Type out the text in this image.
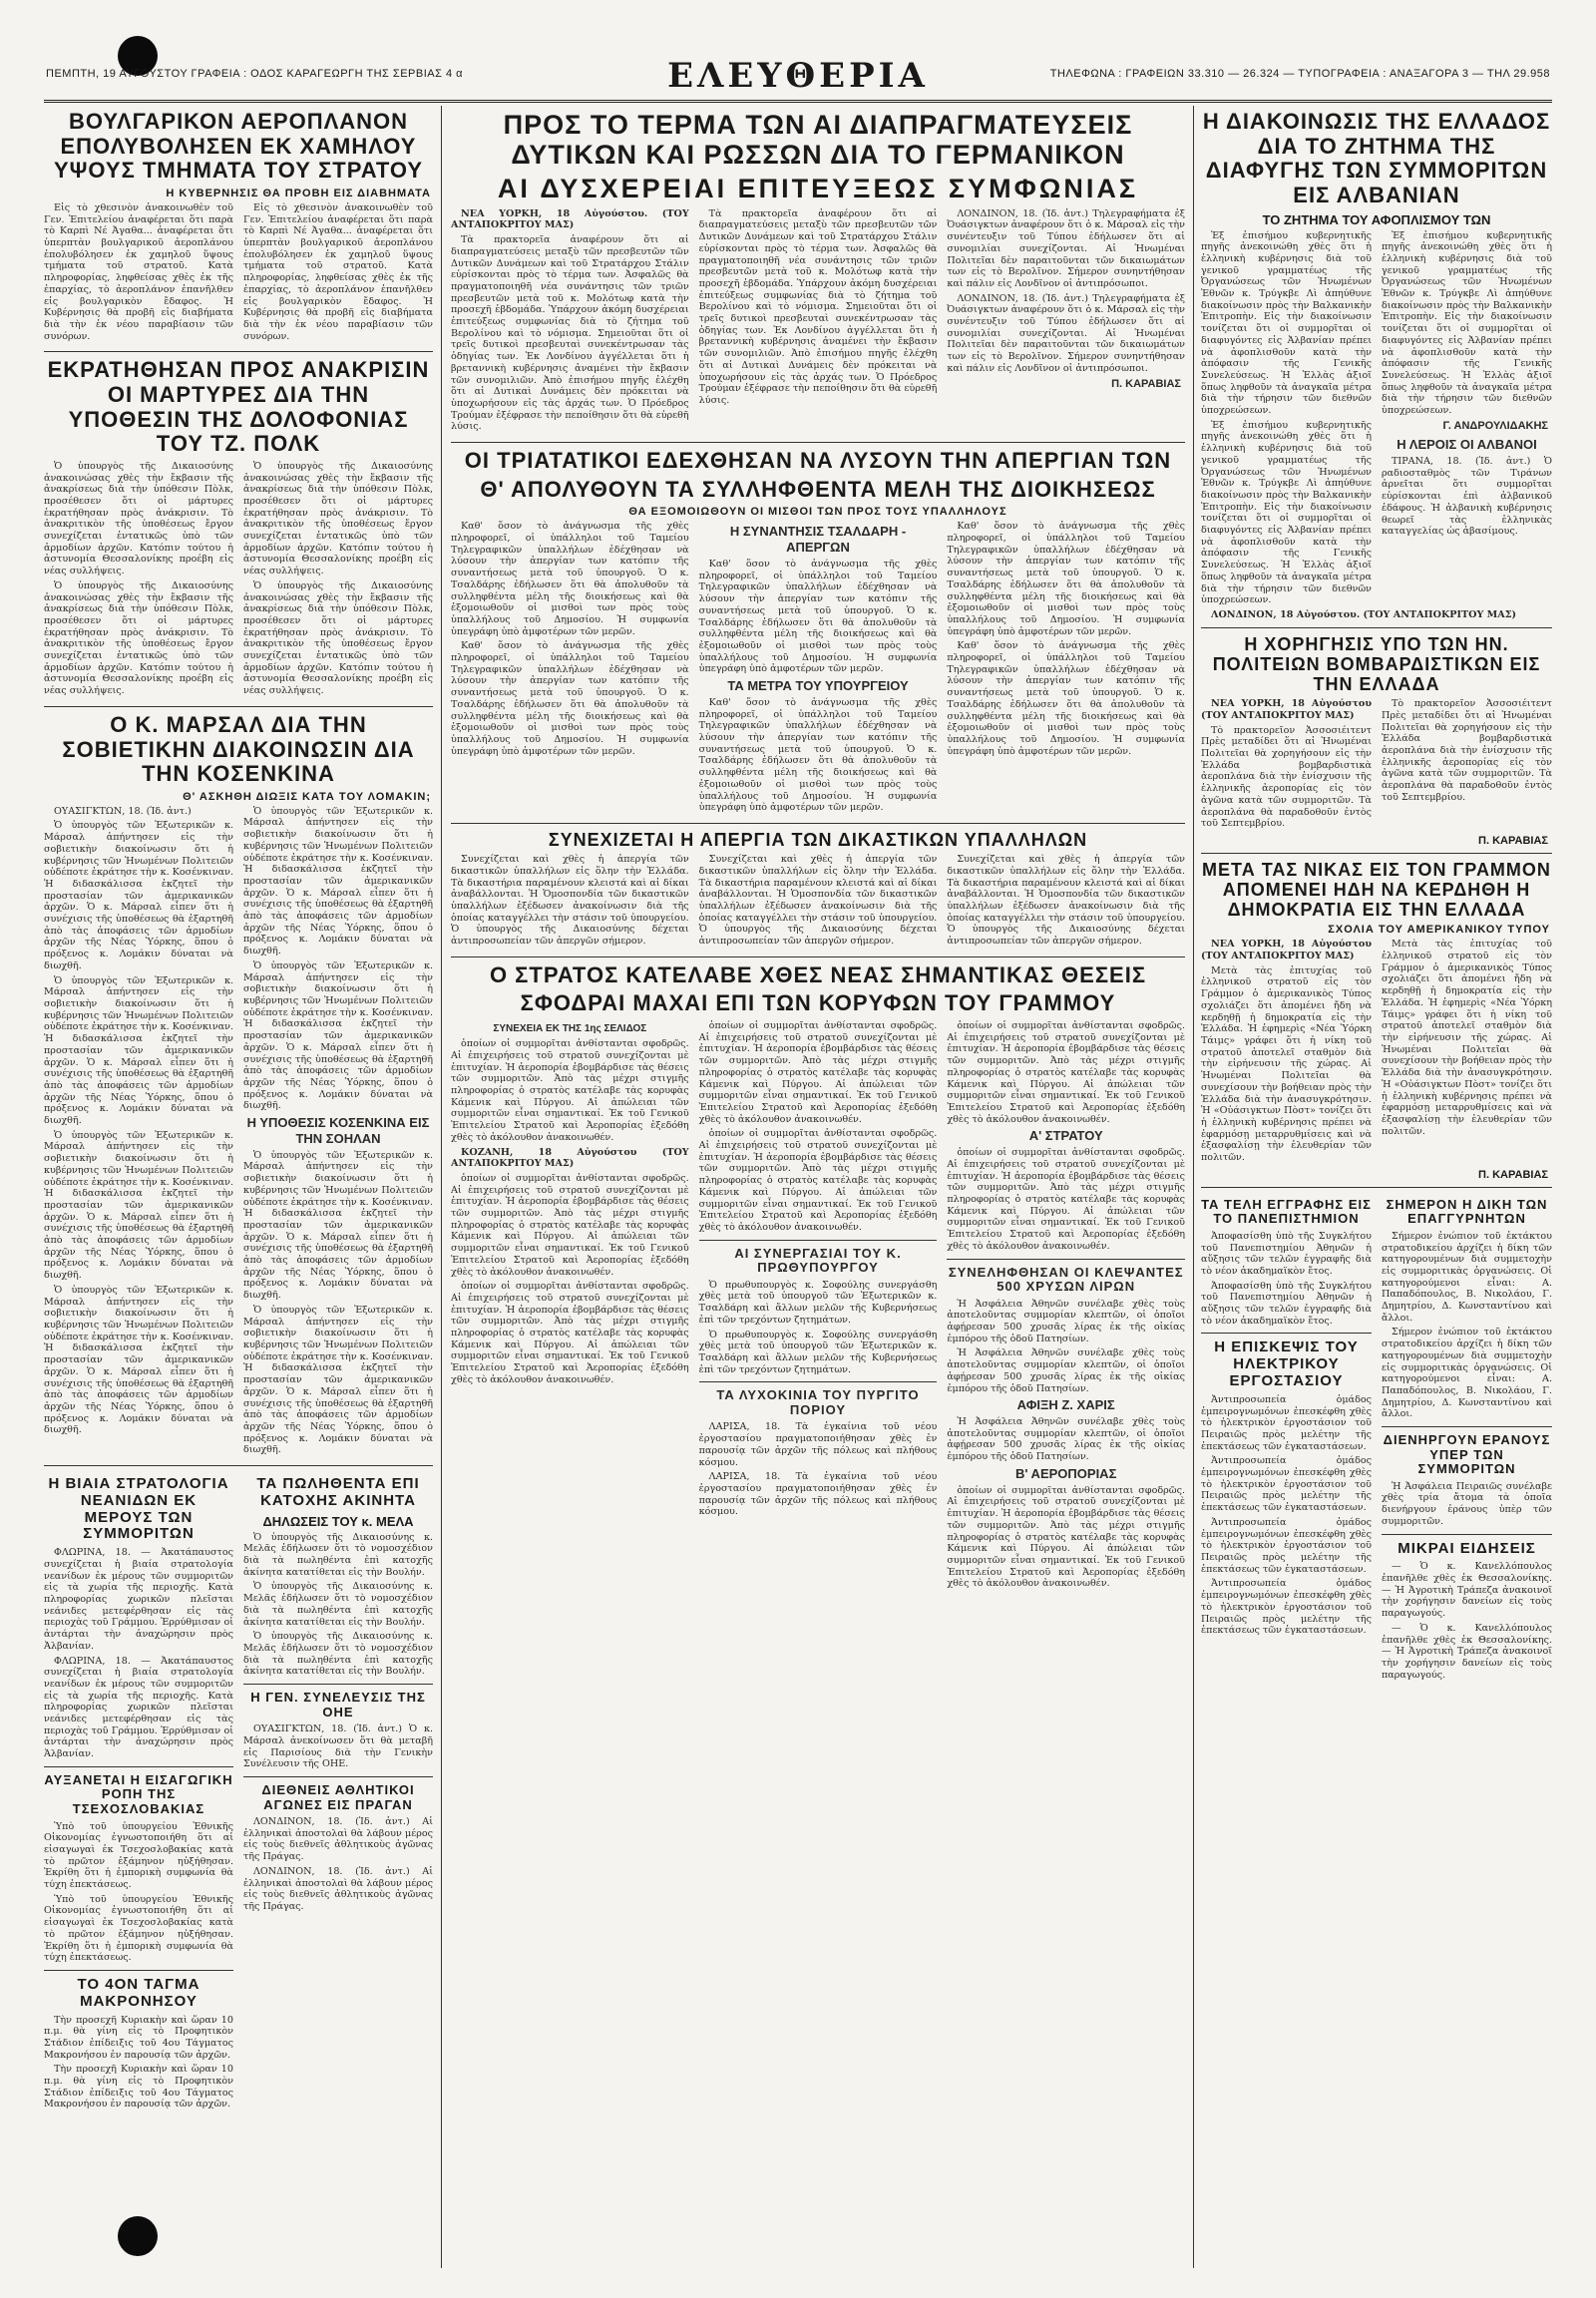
ΠΕΜΠΤΗ, 19 ΑΥΓΟΥΣΤΟΥ ΓΡΑΦΕΙΑ : ΟΔΟΣ ΚΑΡΑΓΕΩΡΓΗ ΤΗΣ ΣΕΡΒΙΑΣ 4 α	ΕΛΕΥΘΕΡΙΑ	ΤΗΛΕΦΩΝΑ : ΓΡΑΦΕΙΩΝ 33.310 — 26.324 — ΤΥΠΟΓΡΑΦΕΙΑ : ΑΝΑΞΑΓΟΡΑ 3 — ΤΗΛ 29.958
ΒΟΥΛΓΑΡΙΚΟΝ ΑΕΡΟΠΛΑΝΟΝ ΕΠΟΛΥΒΟΛΗΣΕΝ ΕΚ ΧΑΜΗΛΟΥ ΥΨΟΥΣ ΤΜΗΜΑΤΑ ΤΟΥ ΣΤΡΑΤΟΥ
Η ΚΥΒΕΡΝΗΣΙΣ ΘΑ ΠΡΟΒΗ ΕΙΣ ΔΙΑΒΗΜΑΤΑ

Εἰς τὸ χθεσινὸν ἀνακοινωθὲν τοῦ Γεν. Ἐπιτελείου ἀναφέρεται ὅτι παρὰ τὸ Καρπὶ Νέ Ἀγαθα... ἀναφέρεται ὅτι ὑπερπτὰν βουλγαρικοῦ ἀεροπλάνου ἐπολυβόλησεν ἐκ χαμηλοῦ ὕψους τμήματα τοῦ στρατοῦ. Κατὰ πληροφορίας, ληφθείσας χθὲς ἐκ τῆς ἐπαρχίας, τὸ ἀεροπλάνον ἐπανῆλθεν εἰς βουλγαρικὸν ἔδαφος. Ἡ Κυβέρνησις θὰ προβῆ εἰς διαβήματα διὰ τὴν ἐκ νέου παραβίασιν τῶν συνόρων.

Εἰς τὸ χθεσινὸν ἀνακοινωθὲν τοῦ Γεν. Ἐπιτελείου ἀναφέρεται ὅτι παρὰ τὸ Καρπὶ Νέ Ἀγαθα... ἀναφέρεται ὅτι ὑπερπτὰν βουλγαρικοῦ ἀεροπλάνου ἐπολυβόλησεν ἐκ χαμηλοῦ ὕψους τμήματα τοῦ στρατοῦ. Κατὰ πληροφορίας, ληφθείσας χθὲς ἐκ τῆς ἐπαρχίας, τὸ ἀεροπλάνον ἐπανῆλθεν εἰς βουλγαρικὸν ἔδαφος. Ἡ Κυβέρνησις θὰ προβῆ εἰς διαβήματα διὰ τὴν ἐκ νέου παραβίασιν τῶν συνόρων.

ΕΚΡΑΤΗΘΗΣΑΝ ΠΡΟΣ ΑΝΑΚΡΙΣΙΝ ΟΙ ΜΑΡΤΥΡΕΣ ΔΙΑ ΤΗΝ ΥΠΟΘΕΣΙΝ ΤΗΣ ΔΟΛΟΦΟΝΙΑΣ ΤΟΥ ΤΖ. ΠΟΛΚ

Ὁ ὑπουργὸς τῆς Δικαιοσύνης ἀνακοινώσας χθὲς τὴν ἔκβασιν τῆς ἀνακρίσεως διὰ τὴν ὑπόθεσιν Πὸλκ, προσέθεσεν ὅτι οἱ μάρτυρες ἐκρατήθησαν πρὸς ἀνάκρισιν. Τὸ ἀνακριτικὸν τῆς ὑποθέσεως ἔργον συνεχίζεται ἐντατικῶς ὑπὸ τῶν ἀρμοδίων ἀρχῶν. Κατόπιν τούτου ἡ ἀστυνομία Θεσσαλονίκης προέβη εἰς νέας συλλήψεις.

Ὁ ὑπουργὸς τῆς Δικαιοσύνης ἀνακοινώσας χθὲς τὴν ἔκβασιν τῆς ἀνακρίσεως διὰ τὴν ὑπόθεσιν Πὸλκ, προσέθεσεν ὅτι οἱ μάρτυρες ἐκρατήθησαν πρὸς ἀνάκρισιν. Τὸ ἀνακριτικὸν τῆς ὑποθέσεως ἔργον συνεχίζεται ἐντατικῶς ὑπὸ τῶν ἀρμοδίων ἀρχῶν. Κατόπιν τούτου ἡ ἀστυνομία Θεσσαλονίκης προέβη εἰς νέας συλλήψεις.

Ὁ ὑπουργὸς τῆς Δικαιοσύνης ἀνακοινώσας χθὲς τὴν ἔκβασιν τῆς ἀνακρίσεως διὰ τὴν ὑπόθεσιν Πὸλκ, προσέθεσεν ὅτι οἱ μάρτυρες ἐκρατήθησαν πρὸς ἀνάκρισιν. Τὸ ἀνακριτικὸν τῆς ὑποθέσεως ἔργον συνεχίζεται ἐντατικῶς ὑπὸ τῶν ἀρμοδίων ἀρχῶν. Κατόπιν τούτου ἡ ἀστυνομία Θεσσαλονίκης προέβη εἰς νέας συλλήψεις.

Ὁ ὑπουργὸς τῆς Δικαιοσύνης ἀνακοινώσας χθὲς τὴν ἔκβασιν τῆς ἀνακρίσεως διὰ τὴν ὑπόθεσιν Πὸλκ, προσέθεσεν ὅτι οἱ μάρτυρες ἐκρατήθησαν πρὸς ἀνάκρισιν. Τὸ ἀνακριτικὸν τῆς ὑποθέσεως ἔργον συνεχίζεται ἐντατικῶς ὑπὸ τῶν ἀρμοδίων ἀρχῶν. Κατόπιν τούτου ἡ ἀστυνομία Θεσσαλονίκης προέβη εἰς νέας συλλήψεις.

Ο Κ. ΜΑΡΣΑΛ ΔΙΑ ΤΗΝ ΣΟΒΙΕΤΙΚΗΝ ΔΙΑΚΟΙΝΩΣΙΝ ΔΙΑ ΤΗΝ ΚΟΣΕΝΚΙΝΑ
Θ' ΑΣΚΗΘΗ ΔΙΩΞΙΣ ΚΑΤΑ ΤΟΥ ΛΟΜΑΚΙΝ;

ΟΥΑΣΙΓΚΤΩΝ, 18. (Ἰδ. ἀντ.)

Ὁ ὑπουργὸς τῶν Ἐξωτερικῶν κ. Μάρσαλ ἀπήντησεν εἰς τὴν σοβιετικὴν διακοίνωσιν ὅτι ἡ κυβέρνησις τῶν Ἡνωμένων Πολιτειῶν οὐδέποτε ἐκράτησε τὴν κ. Κοσένκιναν. Ἡ διδασκάλισσα ἐκζητεῖ τὴν προστασίαν τῶν ἀμερικανικῶν ἀρχῶν. Ὁ κ. Μάρσαλ εἶπεν ὅτι ἡ συνέχισις τῆς ὑποθέσεως θὰ ἐξαρτηθῆ ἀπὸ τὰς ἀποφάσεις τῶν ἁρμοδίων ἀρχῶν τῆς Νέας Ὑόρκης, ὅπου ὁ πρόξενος κ. Λομάκιν δύναται νὰ διωχθῆ.

Ὁ ὑπουργὸς τῶν Ἐξωτερικῶν κ. Μάρσαλ ἀπήντησεν εἰς τὴν σοβιετικὴν διακοίνωσιν ὅτι ἡ κυβέρνησις τῶν Ἡνωμένων Πολιτειῶν οὐδέποτε ἐκράτησε τὴν κ. Κοσένκιναν. Ἡ διδασκάλισσα ἐκζητεῖ τὴν προστασίαν τῶν ἀμερικανικῶν ἀρχῶν. Ὁ κ. Μάρσαλ εἶπεν ὅτι ἡ συνέχισις τῆς ὑποθέσεως θὰ ἐξαρτηθῆ ἀπὸ τὰς ἀποφάσεις τῶν ἁρμοδίων ἀρχῶν τῆς Νέας Ὑόρκης, ὅπου ὁ πρόξενος κ. Λομάκιν δύναται νὰ διωχθῆ.

Ὁ ὑπουργὸς τῶν Ἐξωτερικῶν κ. Μάρσαλ ἀπήντησεν εἰς τὴν σοβιετικὴν διακοίνωσιν ὅτι ἡ κυβέρνησις τῶν Ἡνωμένων Πολιτειῶν οὐδέποτε ἐκράτησε τὴν κ. Κοσένκιναν. Ἡ διδασκάλισσα ἐκζητεῖ τὴν προστασίαν τῶν ἀμερικανικῶν ἀρχῶν. Ὁ κ. Μάρσαλ εἶπεν ὅτι ἡ συνέχισις τῆς ὑποθέσεως θὰ ἐξαρτηθῆ ἀπὸ τὰς ἀποφάσεις τῶν ἁρμοδίων ἀρχῶν τῆς Νέας Ὑόρκης, ὅπου ὁ πρόξενος κ. Λομάκιν δύναται νὰ διωχθῆ.

Ὁ ὑπουργὸς τῶν Ἐξωτερικῶν κ. Μάρσαλ ἀπήντησεν εἰς τὴν σοβιετικὴν διακοίνωσιν ὅτι ἡ κυβέρνησις τῶν Ἡνωμένων Πολιτειῶν οὐδέποτε ἐκράτησε τὴν κ. Κοσένκιναν. Ἡ διδασκάλισσα ἐκζητεῖ τὴν προστασίαν τῶν ἀμερικανικῶν ἀρχῶν. Ὁ κ. Μάρσαλ εἶπεν ὅτι ἡ συνέχισις τῆς ὑποθέσεως θὰ ἐξαρτηθῆ ἀπὸ τὰς ἀποφάσεις τῶν ἁρμοδίων ἀρχῶν τῆς Νέας Ὑόρκης, ὅπου ὁ πρόξενος κ. Λομάκιν δύναται νὰ διωχθῆ.

Ὁ ὑπουργὸς τῶν Ἐξωτερικῶν κ. Μάρσαλ ἀπήντησεν εἰς τὴν σοβιετικὴν διακοίνωσιν ὅτι ἡ κυβέρνησις τῶν Ἡνωμένων Πολιτειῶν οὐδέποτε ἐκράτησε τὴν κ. Κοσένκιναν. Ἡ διδασκάλισσα ἐκζητεῖ τὴν προστασίαν τῶν ἀμερικανικῶν ἀρχῶν. Ὁ κ. Μάρσαλ εἶπεν ὅτι ἡ συνέχισις τῆς ὑποθέσεως θὰ ἐξαρτηθῆ ἀπὸ τὰς ἀποφάσεις τῶν ἁρμοδίων ἀρχῶν τῆς Νέας Ὑόρκης, ὅπου ὁ πρόξενος κ. Λομάκιν δύναται νὰ διωχθῆ.

Ὁ ὑπουργὸς τῶν Ἐξωτερικῶν κ. Μάρσαλ ἀπήντησεν εἰς τὴν σοβιετικὴν διακοίνωσιν ὅτι ἡ κυβέρνησις τῶν Ἡνωμένων Πολιτειῶν οὐδέποτε ἐκράτησε τὴν κ. Κοσένκιναν. Ἡ διδασκάλισσα ἐκζητεῖ τὴν προστασίαν τῶν ἀμερικανικῶν ἀρχῶν. Ὁ κ. Μάρσαλ εἶπεν ὅτι ἡ συνέχισις τῆς ὑποθέσεως θὰ ἐξαρτηθῆ ἀπὸ τὰς ἀποφάσεις τῶν ἁρμοδίων ἀρχῶν τῆς Νέας Ὑόρκης, ὅπου ὁ πρόξενος κ. Λομάκιν δύναται νὰ διωχθῆ.

Η ΥΠΟΘΕΣΙΣ ΚΟΣΕΝΚΙΝΑ ΕΙΣ ΤΗΝ ΣΟΗΛΑΝ

Ὁ ὑπουργὸς τῶν Ἐξωτερικῶν κ. Μάρσαλ ἀπήντησεν εἰς τὴν σοβιετικὴν διακοίνωσιν ὅτι ἡ κυβέρνησις τῶν Ἡνωμένων Πολιτειῶν οὐδέποτε ἐκράτησε τὴν κ. Κοσένκιναν. Ἡ διδασκάλισσα ἐκζητεῖ τὴν προστασίαν τῶν ἀμερικανικῶν ἀρχῶν. Ὁ κ. Μάρσαλ εἶπεν ὅτι ἡ συνέχισις τῆς ὑποθέσεως θὰ ἐξαρτηθῆ ἀπὸ τὰς ἀποφάσεις τῶν ἁρμοδίων ἀρχῶν τῆς Νέας Ὑόρκης, ὅπου ὁ πρόξενος κ. Λομάκιν δύναται νὰ διωχθῆ.

Ὁ ὑπουργὸς τῶν Ἐξωτερικῶν κ. Μάρσαλ ἀπήντησεν εἰς τὴν σοβιετικὴν διακοίνωσιν ὅτι ἡ κυβέρνησις τῶν Ἡνωμένων Πολιτειῶν οὐδέποτε ἐκράτησε τὴν κ. Κοσένκιναν. Ἡ διδασκάλισσα ἐκζητεῖ τὴν προστασίαν τῶν ἀμερικανικῶν ἀρχῶν. Ὁ κ. Μάρσαλ εἶπεν ὅτι ἡ συνέχισις τῆς ὑποθέσεως θὰ ἐξαρτηθῆ ἀπὸ τὰς ἀποφάσεις τῶν ἁρμοδίων ἀρχῶν τῆς Νέας Ὑόρκης, ὅπου ὁ πρόξενος κ. Λομάκιν δύναται νὰ διωχθῆ.

Η ΒΙΑΙΑ ΣΤΡΑΤΟΛΟΓΙΑ ΝΕΑΝΙΔΩΝ ΕΚ ΜΕΡΟΥΣ ΤΩΝ ΣΥΜΜΟΡΙΤΩΝ

ΦΛΩΡΙΝΑ, 18. — Ἀκατάπαυστος συνεχίζεται ἡ βιαία στρατολογία νεανίδων ἐκ μέρους τῶν συμμοριτῶν εἰς τὰ χωρία τῆς περιοχῆς. Κατὰ πληροφορίας χωρικῶν πλεῖσται νεάνιδες μετεφέρθησαν εἰς τὰς περιοχὰς τοῦ Γράμμου. Ἐρρύθμισαν οἱ ἀντάρται τὴν ἀναχώρησιν πρὸς Ἀλβανίαν.

ΦΛΩΡΙΝΑ, 18. — Ἀκατάπαυστος συνεχίζεται ἡ βιαία στρατολογία νεανίδων ἐκ μέρους τῶν συμμοριτῶν εἰς τὰ χωρία τῆς περιοχῆς. Κατὰ πληροφορίας χωρικῶν πλεῖσται νεάνιδες μετεφέρθησαν εἰς τὰς περιοχὰς τοῦ Γράμμου. Ἐρρύθμισαν οἱ ἀντάρται τὴν ἀναχώρησιν πρὸς Ἀλβανίαν.

ΑΥΞΑΝΕΤΑΙ Η ΕΙΣΑΓΩΓΙΚΗ ΡΟΠΗ ΤΗΣ ΤΣΕΧΟΣΛΟΒΑΚΙΑΣ

Ὑπὸ τοῦ ὑπουργείου Ἐθνικῆς Οἰκονομίας ἐγνωστοποιήθη ὅτι αἱ εἰσαγωγαὶ ἐκ Τσεχοσλοβακίας κατὰ τὸ πρῶτον ἑξάμηνον ηὐξήθησαν. Ἐκρίθη ὅτι ἡ ἐμπορικὴ συμφωνία θὰ τύχη ἐπεκτάσεως.

Ὑπὸ τοῦ ὑπουργείου Ἐθνικῆς Οἰκονομίας ἐγνωστοποιήθη ὅτι αἱ εἰσαγωγαὶ ἐκ Τσεχοσλοβακίας κατὰ τὸ πρῶτον ἑξάμηνον ηὐξήθησαν. Ἐκρίθη ὅτι ἡ ἐμπορικὴ συμφωνία θὰ τύχη ἐπεκτάσεως.

ΤΟ 4ΟΝ ΤΑΓΜΑ ΜΑΚΡΟΝΗΣΟΥ

Τὴν προσεχῆ Κυριακὴν καὶ ὥραν 10 π.μ. θὰ γίνη εἰς τὸ Προφητικὸν Στάδιον ἐπίδειξις τοῦ 4ου Τάγματος Μακρονήσου ἐν παρουσίᾳ τῶν ἀρχῶν.

Τὴν προσεχῆ Κυριακὴν καὶ ὥραν 10 π.μ. θὰ γίνη εἰς τὸ Προφητικὸν Στάδιον ἐπίδειξις τοῦ 4ου Τάγματος Μακρονήσου ἐν παρουσίᾳ τῶν ἀρχῶν.

ΤΑ ΠΩΛΗΘΕΝΤΑ ΕΠΙ ΚΑΤΟΧΗΣ ΑΚΙΝΗΤΑ
ΔΗΛΩΣΕΙΣ ΤΟΥ κ. ΜΕΛΑ

Ὁ ὑπουργὸς τῆς Δικαιοσύνης κ. Μελᾶς ἐδήλωσεν ὅτι τὸ νομοσχέδιον διὰ τὰ πωληθέντα ἐπὶ κατοχῆς ἀκίνητα κατατίθεται εἰς τὴν Βουλήν.

Ὁ ὑπουργὸς τῆς Δικαιοσύνης κ. Μελᾶς ἐδήλωσεν ὅτι τὸ νομοσχέδιον διὰ τὰ πωληθέντα ἐπὶ κατοχῆς ἀκίνητα κατατίθεται εἰς τὴν Βουλήν.

Ὁ ὑπουργὸς τῆς Δικαιοσύνης κ. Μελᾶς ἐδήλωσεν ὅτι τὸ νομοσχέδιον διὰ τὰ πωληθέντα ἐπὶ κατοχῆς ἀκίνητα κατατίθεται εἰς τὴν Βουλήν.

Η ΓΕΝ. ΣΥΝΕΛΕΥΣΙΣ ΤΗΣ ΟΗΕ

ΟΥΑΣΙΓΚΤΩΝ, 18. (Ἰδ. ἀντ.) Ὁ κ. Μάρσαλ ἀνεκοίνωσεν ὅτι θὰ μεταβῆ εἰς Παρισίους διὰ τὴν Γενικὴν Συνέλευσιν τῆς ΟΗΕ.

ΔΙΕΘΝΕΙΣ ΑΘΛΗΤΙΚΟΙ ΑΓΩΝΕΣ ΕΙΣ ΠΡΑΓΑΝ

ΛΟΝΔΙΝΟΝ, 18. (Ἰδ. ἀντ.) Αἱ ἐλληνικαὶ ἀποστολαὶ θὰ λάβουν μέρος εἰς τοὺς διεθνεῖς ἀθλητικοὺς ἀγῶνας τῆς Πράγας.

ΛΟΝΔΙΝΟΝ, 18. (Ἰδ. ἀντ.) Αἱ ἐλληνικαὶ ἀποστολαὶ θὰ λάβουν μέρος εἰς τοὺς διεθνεῖς ἀθλητικοὺς ἀγῶνας τῆς Πράγας.

ΠΡΟΣ ΤΟ ΤΕΡΜΑ ΤΩΝ ΑΙ ΔΙΑΠΡΑΓΜΑΤΕΥΣΕΙΣ ΔΥΤΙΚΩΝ ΚΑΙ ΡΩΣΣΩΝ ΔΙΑ ΤΟ ΓΕΡΜΑΝΙΚΟΝ
ΑΙ ΔΥΣΧΕΡΕΙΑΙ ΕΠΙΤΕΥΞΕΩΣ ΣΥΜΦΩΝΙΑΣ

ΝΕΑ ΥΟΡΚΗ, 18 Αὐγούστου. (ΤΟΥ ΑΝΤΑΠΟΚΡΙΤΟΥ ΜΑΣ)

Τὰ πρακτορεῖα ἀναφέρουν ὅτι αἱ διαπραγματεύσεις μεταξὺ τῶν πρεσβευτῶν τῶν Δυτικῶν Δυνάμεων καὶ τοῦ Στρατάρχου Στάλιν εὑρίσκονται πρὸς τὸ τέρμα των. Ἀσφαλῶς θὰ πραγματοποιηθῆ νέα συνάντησις τῶν τριῶν πρεσβευτῶν μετὰ τοῦ κ. Μολότωφ κατὰ τὴν προσεχῆ ἑβδομάδα. Ὑπάρχουν ἀκόμη δυσχέρειαι ἐπιτεύξεως συμφωνίας διὰ τὸ ζήτημα τοῦ Βερολίνου καὶ τὸ νόμισμα. Σημειοῦται ὅτι οἱ τρεῖς δυτικοὶ πρεσβευταὶ συνεκέντρωσαν τὰς ὁδηγίας των. Ἐκ Λονδίνου ἀγγέλλεται ὅτι ἡ βρεταννικὴ κυβέρνησις ἀναμένει τὴν ἔκβασιν τῶν συνομιλιῶν. Ἀπὸ ἐπισήμου πηγῆς ἐλέχθη ὅτι αἱ Δυτικαὶ Δυνάμεις δὲν πρόκειται νὰ ὑποχωρήσουν εἰς τὰς ἀρχάς των. Ὁ Πρόεδρος Τρούμαν ἐξέφρασε τὴν πεποίθησιν ὅτι θὰ εὑρεθῆ λύσις.

Τὰ πρακτορεῖα ἀναφέρουν ὅτι αἱ διαπραγματεύσεις μεταξὺ τῶν πρεσβευτῶν τῶν Δυτικῶν Δυνάμεων καὶ τοῦ Στρατάρχου Στάλιν εὑρίσκονται πρὸς τὸ τέρμα των. Ἀσφαλῶς θὰ πραγματοποιηθῆ νέα συνάντησις τῶν τριῶν πρεσβευτῶν μετὰ τοῦ κ. Μολότωφ κατὰ τὴν προσεχῆ ἑβδομάδα. Ὑπάρχουν ἀκόμη δυσχέρειαι ἐπιτεύξεως συμφωνίας διὰ τὸ ζήτημα τοῦ Βερολίνου καὶ τὸ νόμισμα. Σημειοῦται ὅτι οἱ τρεῖς δυτικοὶ πρεσβευταὶ συνεκέντρωσαν τὰς ὁδηγίας των. Ἐκ Λονδίνου ἀγγέλλεται ὅτι ἡ βρεταννικὴ κυβέρνησις ἀναμένει τὴν ἔκβασιν τῶν συνομιλιῶν. Ἀπὸ ἐπισήμου πηγῆς ἐλέχθη ὅτι αἱ Δυτικαὶ Δυνάμεις δὲν πρόκειται νὰ ὑποχωρήσουν εἰς τὰς ἀρχάς των. Ὁ Πρόεδρος Τρούμαν ἐξέφρασε τὴν πεποίθησιν ὅτι θὰ εὑρεθῆ λύσις.

ΛΟΝΔΙΝΟΝ, 18. (Ἰδ. ἀντ.) Τηλεγραφήματα ἐξ Ὀυάσιγκτων ἀναφέρουν ὅτι ὁ κ. Μάρσαλ εἰς τὴν συνέντευξιν τοῦ Τύπου ἐδήλωσεν ὅτι αἱ συνομιλίαι συνεχίζονται. Αἱ Ἡνωμέναι Πολιτεῖαι δὲν παραιτοῦνται τῶν δικαιωμάτων των εἰς τὸ Βερολῖνον. Σήμερον συνηντήθησαν καὶ πάλιν εἰς Λονδῖνον οἱ ἀντιπρόσωποι.

ΛΟΝΔΙΝΟΝ, 18. (Ἰδ. ἀντ.) Τηλεγραφήματα ἐξ Ὀυάσιγκτων ἀναφέρουν ὅτι ὁ κ. Μάρσαλ εἰς τὴν συνέντευξιν τοῦ Τύπου ἐδήλωσεν ὅτι αἱ συνομιλίαι συνεχίζονται. Αἱ Ἡνωμέναι Πολιτεῖαι δὲν παραιτοῦνται τῶν δικαιωμάτων των εἰς τὸ Βερολῖνον. Σήμερον συνηντήθησαν καὶ πάλιν εἰς Λονδῖνον οἱ ἀντιπρόσωποι.

Π. ΚΑΡΑΒΙΑΣ
ΟΙ ΤΡΙΑΤΑΤΙΚΟΙ ΕΔΕΧΘΗΣΑΝ ΝΑ ΛΥΣΟΥΝ ΤΗΝ ΑΠΕΡΓΙΑΝ ΤΩΝ
Θ' ΑΠΟΛΥΘΟΥΝ ΤΑ ΣΥΛΛΗΦΘΕΝΤΑ ΜΕΛΗ ΤΗΣ ΔΙΟΙΚΗΣΕΩΣ
ΘΑ ΕΞΟΜΟΙΩΘΟΥΝ ΟΙ ΜΙΣΘΟΙ ΤΩΝ ΠΡΟΣ ΤΟΥΣ ΥΠΑΛΛΗΛΟΥΣ

Καθ' ὅσον τὸ ἀνάγνωσμα τῆς χθὲς πληροφορεῖ, οἱ ὑπάλληλοι τοῦ Ταμείου Τηλεγραφικῶν ὑπαλλήλων ἐδέχθησαν νὰ λύσουν τὴν ἀπεργίαν των κατόπιν τῆς συναντήσεως μετὰ τοῦ ὑπουργοῦ. Ὁ κ. Τσαλδάρης ἐδήλωσεν ὅτι θὰ ἀπολυθοῦν τὰ συλληφθέντα μέλη τῆς διοικήσεως καὶ θὰ ἐξομοιωθοῦν οἱ μισθοὶ των πρὸς τοὺς ὑπαλλήλους τοῦ Δημοσίου. Ἡ συμφωνία ὑπεγράφη ὑπὸ ἀμφοτέρων τῶν μερῶν.

Καθ' ὅσον τὸ ἀνάγνωσμα τῆς χθὲς πληροφορεῖ, οἱ ὑπάλληλοι τοῦ Ταμείου Τηλεγραφικῶν ὑπαλλήλων ἐδέχθησαν νὰ λύσουν τὴν ἀπεργίαν των κατόπιν τῆς συναντήσεως μετὰ τοῦ ὑπουργοῦ. Ὁ κ. Τσαλδάρης ἐδήλωσεν ὅτι θὰ ἀπολυθοῦν τὰ συλληφθέντα μέλη τῆς διοικήσεως καὶ θὰ ἐξομοιωθοῦν οἱ μισθοὶ των πρὸς τοὺς ὑπαλλήλους τοῦ Δημοσίου. Ἡ συμφωνία ὑπεγράφη ὑπὸ ἀμφοτέρων τῶν μερῶν.

Η ΣΥΝΑΝΤΗΣΙΣ ΤΣΑΛΔΑΡΗ - ΑΠΕΡΓΩΝ

Καθ' ὅσον τὸ ἀνάγνωσμα τῆς χθὲς πληροφορεῖ, οἱ ὑπάλληλοι τοῦ Ταμείου Τηλεγραφικῶν ὑπαλλήλων ἐδέχθησαν νὰ λύσουν τὴν ἀπεργίαν των κατόπιν τῆς συναντήσεως μετὰ τοῦ ὑπουργοῦ. Ὁ κ. Τσαλδάρης ἐδήλωσεν ὅτι θὰ ἀπολυθοῦν τὰ συλληφθέντα μέλη τῆς διοικήσεως καὶ θὰ ἐξομοιωθοῦν οἱ μισθοὶ των πρὸς τοὺς ὑπαλλήλους τοῦ Δημοσίου. Ἡ συμφωνία ὑπεγράφη ὑπὸ ἀμφοτέρων τῶν μερῶν.

ΤΑ ΜΕΤΡΑ ΤΟΥ ΥΠΟΥΡΓΕΙΟΥ

Καθ' ὅσον τὸ ἀνάγνωσμα τῆς χθὲς πληροφορεῖ, οἱ ὑπάλληλοι τοῦ Ταμείου Τηλεγραφικῶν ὑπαλλήλων ἐδέχθησαν νὰ λύσουν τὴν ἀπεργίαν των κατόπιν τῆς συναντήσεως μετὰ τοῦ ὑπουργοῦ. Ὁ κ. Τσαλδάρης ἐδήλωσεν ὅτι θὰ ἀπολυθοῦν τὰ συλληφθέντα μέλη τῆς διοικήσεως καὶ θὰ ἐξομοιωθοῦν οἱ μισθοὶ των πρὸς τοὺς ὑπαλλήλους τοῦ Δημοσίου. Ἡ συμφωνία ὑπεγράφη ὑπὸ ἀμφοτέρων τῶν μερῶν.

Καθ' ὅσον τὸ ἀνάγνωσμα τῆς χθὲς πληροφορεῖ, οἱ ὑπάλληλοι τοῦ Ταμείου Τηλεγραφικῶν ὑπαλλήλων ἐδέχθησαν νὰ λύσουν τὴν ἀπεργίαν των κατόπιν τῆς συναντήσεως μετὰ τοῦ ὑπουργοῦ. Ὁ κ. Τσαλδάρης ἐδήλωσεν ὅτι θὰ ἀπολυθοῦν τὰ συλληφθέντα μέλη τῆς διοικήσεως καὶ θὰ ἐξομοιωθοῦν οἱ μισθοὶ των πρὸς τοὺς ὑπαλλήλους τοῦ Δημοσίου. Ἡ συμφωνία ὑπεγράφη ὑπὸ ἀμφοτέρων τῶν μερῶν.

Καθ' ὅσον τὸ ἀνάγνωσμα τῆς χθὲς πληροφορεῖ, οἱ ὑπάλληλοι τοῦ Ταμείου Τηλεγραφικῶν ὑπαλλήλων ἐδέχθησαν νὰ λύσουν τὴν ἀπεργίαν των κατόπιν τῆς συναντήσεως μετὰ τοῦ ὑπουργοῦ. Ὁ κ. Τσαλδάρης ἐδήλωσεν ὅτι θὰ ἀπολυθοῦν τὰ συλληφθέντα μέλη τῆς διοικήσεως καὶ θὰ ἐξομοιωθοῦν οἱ μισθοὶ των πρὸς τοὺς ὑπαλλήλους τοῦ Δημοσίου. Ἡ συμφωνία ὑπεγράφη ὑπὸ ἀμφοτέρων τῶν μερῶν.

ΣΥΝΕΧΙΖΕΤΑΙ Η ΑΠΕΡΓΙΑ ΤΩΝ ΔΙΚΑΣΤΙΚΩΝ ΥΠΑΛΛΗΛΩΝ

Συνεχίζεται καὶ χθὲς ἡ ἀπεργία τῶν δικαστικῶν ὑπαλλήλων εἰς ὅλην τὴν Ἑλλάδα. Τὰ δικαστήρια παραμένουν κλειστά καὶ αἱ δίκαι ἀναβάλλονται. Ἡ Ὁμοσπονδία τῶν δικαστικῶν ὑπαλλήλων ἐξέδωσεν ἀνακοίνωσιν διὰ τῆς ὁποίας καταγγέλλει τὴν στάσιν τοῦ ὑπουργείου. Ὁ ὑπουργὸς τῆς Δικαιοσύνης δέχεται ἀντιπροσωπείαν τῶν ἀπεργῶν σήμερον.

Συνεχίζεται καὶ χθὲς ἡ ἀπεργία τῶν δικαστικῶν ὑπαλλήλων εἰς ὅλην τὴν Ἑλλάδα. Τὰ δικαστήρια παραμένουν κλειστά καὶ αἱ δίκαι ἀναβάλλονται. Ἡ Ὁμοσπονδία τῶν δικαστικῶν ὑπαλλήλων ἐξέδωσεν ἀνακοίνωσιν διὰ τῆς ὁποίας καταγγέλλει τὴν στάσιν τοῦ ὑπουργείου. Ὁ ὑπουργὸς τῆς Δικαιοσύνης δέχεται ἀντιπροσωπείαν τῶν ἀπεργῶν σήμερον.

Συνεχίζεται καὶ χθὲς ἡ ἀπεργία τῶν δικαστικῶν ὑπαλλήλων εἰς ὅλην τὴν Ἑλλάδα. Τὰ δικαστήρια παραμένουν κλειστά καὶ αἱ δίκαι ἀναβάλλονται. Ἡ Ὁμοσπονδία τῶν δικαστικῶν ὑπαλλήλων ἐξέδωσεν ἀνακοίνωσιν διὰ τῆς ὁποίας καταγγέλλει τὴν στάσιν τοῦ ὑπουργείου. Ὁ ὑπουργὸς τῆς Δικαιοσύνης δέχεται ἀντιπροσωπείαν τῶν ἀπεργῶν σήμερον.

Ο ΣΤΡΑΤΟΣ ΚΑΤΕΛΑΒΕ ΧΘΕΣ ΝΕΑΣ ΣΗΜΑΝΤΙΚΑΣ ΘΕΣΕΙΣ
ΣΦΟΔΡΑΙ ΜΑΧΑΙ ΕΠΙ ΤΩΝ ΚΟΡΥΦΩΝ ΤΟΥ ΓΡΑΜΜΟΥ
ΣΥΝΕΧΕΙΑ ΕΚ ΤΗΣ 1ης ΣΕΛΙΔΟΣ

ὁποίων οἱ συμμορῖται ἀνθίστανται σφοδρῶς. Αἱ ἐπιχειρήσεις τοῦ στρατοῦ συνεχίζονται μὲ ἐπιτυχίαν. Ἡ ἀεροπορία ἐβομβάρδισε τὰς θέσεις τῶν συμμοριτῶν. Ἀπὸ τὰς μέχρι στιγμῆς πληροφορίας ὁ στρατὸς κατέλαβε τὰς κορυφὰς Κάμενικ καὶ Πύργου. Αἱ ἀπώλειαι τῶν συμμοριτῶν εἶναι σημαντικαί. Ἐκ τοῦ Γενικοῦ Ἐπιτελείου Στρατοῦ καὶ Ἀεροπορίας ἐξεδόθη χθὲς τὸ ἀκόλουθον ἀνακοινωθέν.

ΚΟΖΑΝΗ, 18 Αὐγούστου (ΤΟΥ ΑΝΤΑΠΟΚΡΙΤΟΥ ΜΑΣ)

ὁποίων οἱ συμμορῖται ἀνθίστανται σφοδρῶς. Αἱ ἐπιχειρήσεις τοῦ στρατοῦ συνεχίζονται μὲ ἐπιτυχίαν. Ἡ ἀεροπορία ἐβομβάρδισε τὰς θέσεις τῶν συμμοριτῶν. Ἀπὸ τὰς μέχρι στιγμῆς πληροφορίας ὁ στρατὸς κατέλαβε τὰς κορυφὰς Κάμενικ καὶ Πύργου. Αἱ ἀπώλειαι τῶν συμμοριτῶν εἶναι σημαντικαί. Ἐκ τοῦ Γενικοῦ Ἐπιτελείου Στρατοῦ καὶ Ἀεροπορίας ἐξεδόθη χθὲς τὸ ἀκόλουθον ἀνακοινωθέν.

ὁποίων οἱ συμμορῖται ἀνθίστανται σφοδρῶς. Αἱ ἐπιχειρήσεις τοῦ στρατοῦ συνεχίζονται μὲ ἐπιτυχίαν. Ἡ ἀεροπορία ἐβομβάρδισε τὰς θέσεις τῶν συμμοριτῶν. Ἀπὸ τὰς μέχρι στιγμῆς πληροφορίας ὁ στρατὸς κατέλαβε τὰς κορυφὰς Κάμενικ καὶ Πύργου. Αἱ ἀπώλειαι τῶν συμμοριτῶν εἶναι σημαντικαί. Ἐκ τοῦ Γενικοῦ Ἐπιτελείου Στρατοῦ καὶ Ἀεροπορίας ἐξεδόθη χθὲς τὸ ἀκόλουθον ἀνακοινωθέν.

ὁποίων οἱ συμμορῖται ἀνθίστανται σφοδρῶς. Αἱ ἐπιχειρήσεις τοῦ στρατοῦ συνεχίζονται μὲ ἐπιτυχίαν. Ἡ ἀεροπορία ἐβομβάρδισε τὰς θέσεις τῶν συμμοριτῶν. Ἀπὸ τὰς μέχρι στιγμῆς πληροφορίας ὁ στρατὸς κατέλαβε τὰς κορυφὰς Κάμενικ καὶ Πύργου. Αἱ ἀπώλειαι τῶν συμμοριτῶν εἶναι σημαντικαί. Ἐκ τοῦ Γενικοῦ Ἐπιτελείου Στρατοῦ καὶ Ἀεροπορίας ἐξεδόθη χθὲς τὸ ἀκόλουθον ἀνακοινωθέν.

ὁποίων οἱ συμμορῖται ἀνθίστανται σφοδρῶς. Αἱ ἐπιχειρήσεις τοῦ στρατοῦ συνεχίζονται μὲ ἐπιτυχίαν. Ἡ ἀεροπορία ἐβομβάρδισε τὰς θέσεις τῶν συμμοριτῶν. Ἀπὸ τὰς μέχρι στιγμῆς πληροφορίας ὁ στρατὸς κατέλαβε τὰς κορυφὰς Κάμενικ καὶ Πύργου. Αἱ ἀπώλειαι τῶν συμμοριτῶν εἶναι σημαντικαί. Ἐκ τοῦ Γενικοῦ Ἐπιτελείου Στρατοῦ καὶ Ἀεροπορίας ἐξεδόθη χθὲς τὸ ἀκόλουθον ἀνακοινωθέν.

ΑΙ ΣΥΝΕΡΓΑΣΙΑΙ ΤΟΥ Κ. ΠΡΩΘΥΠΟΥΡΓΟΥ

Ὁ πρωθυπουργὸς κ. Σοφούλης συνεργάσθη χθὲς μετὰ τοῦ ὑπουργοῦ τῶν Ἐξωτερικῶν κ. Τσαλδάρη καὶ ἄλλων μελῶν τῆς Κυβερνήσεως ἐπὶ τῶν τρεχόντων ζητημάτων.

Ὁ πρωθυπουργὸς κ. Σοφούλης συνεργάσθη χθὲς μετὰ τοῦ ὑπουργοῦ τῶν Ἐξωτερικῶν κ. Τσαλδάρη καὶ ἄλλων μελῶν τῆς Κυβερνήσεως ἐπὶ τῶν τρεχόντων ζητημάτων.

ΤΑ ΛΥΧΟΚΙΝΙΑ ΤΟΥ ΠΥΡΓΙΤΟ ΠΟΡΙΟΥ

ΛΑΡΙΣΑ, 18. Τὰ ἐγκαίνια τοῦ νέου ἐργοστασίου πραγματοποιήθησαν χθὲς ἐν παρουσίᾳ τῶν ἀρχῶν τῆς πόλεως καὶ πλήθους κόσμου.

ΛΑΡΙΣΑ, 18. Τὰ ἐγκαίνια τοῦ νέου ἐργοστασίου πραγματοποιήθησαν χθὲς ἐν παρουσίᾳ τῶν ἀρχῶν τῆς πόλεως καὶ πλήθους κόσμου.

ὁποίων οἱ συμμορῖται ἀνθίστανται σφοδρῶς. Αἱ ἐπιχειρήσεις τοῦ στρατοῦ συνεχίζονται μὲ ἐπιτυχίαν. Ἡ ἀεροπορία ἐβομβάρδισε τὰς θέσεις τῶν συμμοριτῶν. Ἀπὸ τὰς μέχρι στιγμῆς πληροφορίας ὁ στρατὸς κατέλαβε τὰς κορυφὰς Κάμενικ καὶ Πύργου. Αἱ ἀπώλειαι τῶν συμμοριτῶν εἶναι σημαντικαί. Ἐκ τοῦ Γενικοῦ Ἐπιτελείου Στρατοῦ καὶ Ἀεροπορίας ἐξεδόθη χθὲς τὸ ἀκόλουθον ἀνακοινωθέν.

Α' ΣΤΡΑΤΟΥ

ὁποίων οἱ συμμορῖται ἀνθίστανται σφοδρῶς. Αἱ ἐπιχειρήσεις τοῦ στρατοῦ συνεχίζονται μὲ ἐπιτυχίαν. Ἡ ἀεροπορία ἐβομβάρδισε τὰς θέσεις τῶν συμμοριτῶν. Ἀπὸ τὰς μέχρι στιγμῆς πληροφορίας ὁ στρατὸς κατέλαβε τὰς κορυφὰς Κάμενικ καὶ Πύργου. Αἱ ἀπώλειαι τῶν συμμοριτῶν εἶναι σημαντικαί. Ἐκ τοῦ Γενικοῦ Ἐπιτελείου Στρατοῦ καὶ Ἀεροπορίας ἐξεδόθη χθὲς τὸ ἀκόλουθον ἀνακοινωθέν.

ΣΥΝΕΛΗΦΘΗΣΑΝ ΟΙ ΚΛΕΨΑΝΤΕΣ 500 ΧΡΥΣΩΝ ΛΙΡΩΝ

Ἡ Ἀσφάλεια Ἀθηνῶν συνέλαβε χθὲς τοὺς ἀποτελοῦντας συμμορίαν κλεπτῶν, οἱ ὁποῖοι ἀφῄρεσαν 500 χρυσᾶς λίρας ἐκ τῆς οἰκίας ἐμπόρου τῆς ὁδοῦ Πατησίων.

Ἡ Ἀσφάλεια Ἀθηνῶν συνέλαβε χθὲς τοὺς ἀποτελοῦντας συμμορίαν κλεπτῶν, οἱ ὁποῖοι ἀφῄρεσαν 500 χρυσᾶς λίρας ἐκ τῆς οἰκίας ἐμπόρου τῆς ὁδοῦ Πατησίων.

ΑΦΙΞΗ Ζ. ΧΑΡΙΣ

Ἡ Ἀσφάλεια Ἀθηνῶν συνέλαβε χθὲς τοὺς ἀποτελοῦντας συμμορίαν κλεπτῶν, οἱ ὁποῖοι ἀφῄρεσαν 500 χρυσᾶς λίρας ἐκ τῆς οἰκίας ἐμπόρου τῆς ὁδοῦ Πατησίων.

Β' ΑΕΡΟΠΟΡΙΑΣ

ὁποίων οἱ συμμορῖται ἀνθίστανται σφοδρῶς. Αἱ ἐπιχειρήσεις τοῦ στρατοῦ συνεχίζονται μὲ ἐπιτυχίαν. Ἡ ἀεροπορία ἐβομβάρδισε τὰς θέσεις τῶν συμμοριτῶν. Ἀπὸ τὰς μέχρι στιγμῆς πληροφορίας ὁ στρατὸς κατέλαβε τὰς κορυφὰς Κάμενικ καὶ Πύργου. Αἱ ἀπώλειαι τῶν συμμοριτῶν εἶναι σημαντικαί. Ἐκ τοῦ Γενικοῦ Ἐπιτελείου Στρατοῦ καὶ Ἀεροπορίας ἐξεδόθη χθὲς τὸ ἀκόλουθον ἀνακοινωθέν.

Η ΔΙΑΚΟΙΝΩΣΙΣ ΤΗΣ ΕΛΛΑΔΟΣ ΔΙΑ ΤΟ ΖΗΤΗΜΑ ΤΗΣ ΔΙΑΦΥΓΗΣ ΤΩΝ ΣΥΜΜΟΡΙΤΩΝ ΕΙΣ ΑΛΒΑΝΙΑΝ
ΤΟ ΖΗΤΗΜΑ ΤΟΥ ΑΦΟΠΛΙΣΜΟΥ ΤΩΝ

Ἐξ ἐπισήμου κυβερνητικῆς πηγῆς ἀνεκοινώθη χθὲς ὅτι ἡ ἑλληνικὴ κυβέρνησις διὰ τοῦ γενικοῦ γραμματέως τῆς Ὀργανώσεως τῶν Ἡνωμένων Ἐθνῶν κ. Τρύγκβε Λὶ ἀπηύθυνε διακοίνωσιν πρὸς τὴν Βαλκανικὴν Ἐπιτροπὴν. Εἰς τὴν διακοίνωσιν τονίζεται ὅτι οἱ συμμορῖται οἱ διαφυγόντες εἰς Ἀλβανίαν πρέπει νὰ ἀφοπλισθοῦν κατὰ τὴν ἀπόφασιν τῆς Γενικῆς Συνελεύσεως. Ἡ Ἑλλὰς ἀξιοῖ ὅπως ληφθοῦν τὰ ἀναγκαῖα μέτρα διὰ τὴν τήρησιν τῶν διεθνῶν ὑποχρεώσεων.

Ἐξ ἐπισήμου κυβερνητικῆς πηγῆς ἀνεκοινώθη χθὲς ὅτι ἡ ἑλληνικὴ κυβέρνησις διὰ τοῦ γενικοῦ γραμματέως τῆς Ὀργανώσεως τῶν Ἡνωμένων Ἐθνῶν κ. Τρύγκβε Λὶ ἀπηύθυνε διακοίνωσιν πρὸς τὴν Βαλκανικὴν Ἐπιτροπὴν. Εἰς τὴν διακοίνωσιν τονίζεται ὅτι οἱ συμμορῖται οἱ διαφυγόντες εἰς Ἀλβανίαν πρέπει νὰ ἀφοπλισθοῦν κατὰ τὴν ἀπόφασιν τῆς Γενικῆς Συνελεύσεως. Ἡ Ἑλλὰς ἀξιοῖ ὅπως ληφθοῦν τὰ ἀναγκαῖα μέτρα διὰ τὴν τήρησιν τῶν διεθνῶν ὑποχρεώσεων.

Ἐξ ἐπισήμου κυβερνητικῆς πηγῆς ἀνεκοινώθη χθὲς ὅτι ἡ ἑλληνικὴ κυβέρνησις διὰ τοῦ γενικοῦ γραμματέως τῆς Ὀργανώσεως τῶν Ἡνωμένων Ἐθνῶν κ. Τρύγκβε Λὶ ἀπηύθυνε διακοίνωσιν πρὸς τὴν Βαλκανικὴν Ἐπιτροπὴν. Εἰς τὴν διακοίνωσιν τονίζεται ὅτι οἱ συμμορῖται οἱ διαφυγόντες εἰς Ἀλβανίαν πρέπει νὰ ἀφοπλισθοῦν κατὰ τὴν ἀπόφασιν τῆς Γενικῆς Συνελεύσεως. Ἡ Ἑλλὰς ἀξιοῖ ὅπως ληφθοῦν τὰ ἀναγκαῖα μέτρα διὰ τὴν τήρησιν τῶν διεθνῶν ὑποχρεώσεων.

Γ. ΑΝΔΡΟΥΛΙΔΑΚΗΣ
Η ΛΕΡΟΙΣ ΟΙ ΑΛΒΑΝΟΙ

ΤΙΡΑΝΑ, 18. (Ἰδ. ἀντ.) Ὁ ραδιοσταθμὸς τῶν Τιράνων ἀρνεῖται ὅτι συμμορῖται εὑρίσκονται ἐπὶ ἀλβανικοῦ ἐδάφους. Ἡ ἀλβανικὴ κυβέρνησις θεωρεῖ τὰς ἑλληνικὰς καταγγελίας ὡς ἀβασίμους.

ΛΟΝΔΙΝΟΝ, 18 Αὐγούστου. (ΤΟΥ ΑΝΤΑΠΟΚΡΙΤΟΥ ΜΑΣ)

Η ΧΟΡΗΓΗΣΙΣ ΥΠΟ ΤΩΝ ΗΝ. ΠΟΛΙΤΕΙΩΝ ΒΟΜΒΑΡΔΙΣΤΙΚΩΝ ΕΙΣ ΤΗΝ ΕΛΛΑΔΑ

ΝΕΑ ΥΟΡΚΗ, 18 Αὐγούστου (ΤΟΥ ΑΝΤΑΠΟΚΡΙΤΟΥ ΜΑΣ)

Τὸ πρακτορεῖον Ἀσσοσιέιτεντ Πρὲς μεταδίδει ὅτι αἱ Ἡνωμέναι Πολιτεῖαι θὰ χορηγήσουν εἰς τὴν Ἑλλάδα βομβαρδιστικὰ ἀεροπλάνα διὰ τὴν ἐνίσχυσιν τῆς ἑλληνικῆς ἀεροπορίας εἰς τὸν ἀγῶνα κατὰ τῶν συμμοριτῶν. Τὰ ἀεροπλάνα θὰ παραδοθοῦν ἐντὸς τοῦ Σεπτεμβρίου.

Τὸ πρακτορεῖον Ἀσσοσιέιτεντ Πρὲς μεταδίδει ὅτι αἱ Ἡνωμέναι Πολιτεῖαι θὰ χορηγήσουν εἰς τὴν Ἑλλάδα βομβαρδιστικὰ ἀεροπλάνα διὰ τὴν ἐνίσχυσιν τῆς ἑλληνικῆς ἀεροπορίας εἰς τὸν ἀγῶνα κατὰ τῶν συμμοριτῶν. Τὰ ἀεροπλάνα θὰ παραδοθοῦν ἐντὸς τοῦ Σεπτεμβρίου.

Π. ΚΑΡΑΒΙΑΣ
ΜΕΤΑ ΤΑΣ ΝΙΚΑΣ ΕΙΣ ΤΟΝ ΓΡΑΜΜΟΝ ΑΠΟΜΕΝΕΙ ΗΔΗ ΝΑ ΚΕΡΔΗΘΗ Η ΔΗΜΟΚΡΑΤΙΑ ΕΙΣ ΤΗΝ ΕΛΛΑΔΑ
ΣΧΟΛΙΑ ΤΟΥ ΑΜΕΡΙΚΑΝΙΚΟΥ ΤΥΠΟΥ

ΝΕΑ ΥΟΡΚΗ, 18 Αὐγούστου (ΤΟΥ ΑΝΤΑΠΟΚΡΙΤΟΥ ΜΑΣ)

Μετὰ τὰς ἐπιτυχίας τοῦ ἑλληνικοῦ στρατοῦ εἰς τὸν Γράμμον ὁ ἀμερικανικὸς Τύπος σχολιάζει ὅτι ἀπομένει ἤδη νὰ κερδηθῇ ἡ δημοκρατία εἰς τὴν Ἑλλάδα. Ἡ ἐφημερὶς «Νέα Ὑόρκη Τάιμς» γράφει ὅτι ἡ νίκη τοῦ στρατοῦ ἀποτελεῖ σταθμὸν διὰ τὴν εἰρήνευσιν τῆς χώρας. Αἱ Ἡνωμέναι Πολιτεῖαι θὰ συνεχίσουν τὴν βοήθειαν πρὸς τὴν Ἑλλάδα διὰ τὴν ἀνασυγκρότησιν. Ἡ «Οὐάσιγκτων Πὸστ» τονίζει ὅτι ἡ ἑλληνικὴ κυβέρνησις πρέπει νὰ ἐφαρμόσῃ μεταρρυθμίσεις καὶ νὰ ἐξασφαλίσῃ τὴν ἐλευθερίαν τῶν πολιτῶν.

Μετὰ τὰς ἐπιτυχίας τοῦ ἑλληνικοῦ στρατοῦ εἰς τὸν Γράμμον ὁ ἀμερικανικὸς Τύπος σχολιάζει ὅτι ἀπομένει ἤδη νὰ κερδηθῇ ἡ δημοκρατία εἰς τὴν Ἑλλάδα. Ἡ ἐφημερὶς «Νέα Ὑόρκη Τάιμς» γράφει ὅτι ἡ νίκη τοῦ στρατοῦ ἀποτελεῖ σταθμὸν διὰ τὴν εἰρήνευσιν τῆς χώρας. Αἱ Ἡνωμέναι Πολιτεῖαι θὰ συνεχίσουν τὴν βοήθειαν πρὸς τὴν Ἑλλάδα διὰ τὴν ἀνασυγκρότησιν. Ἡ «Οὐάσιγκτων Πὸστ» τονίζει ὅτι ἡ ἑλληνικὴ κυβέρνησις πρέπει νὰ ἐφαρμόσῃ μεταρρυθμίσεις καὶ νὰ ἐξασφαλίσῃ τὴν ἐλευθερίαν τῶν πολιτῶν.

Π. ΚΑΡΑΒΙΑΣ
ΤΑ ΤΕΛΗ ΕΓΓΡΑΦΗΣ ΕΙΣ ΤΟ ΠΑΝΕΠΙΣΤΗΜΙΟΝ

Ἀποφασίσθη ὑπὸ τῆς Συγκλήτου τοῦ Πανεπιστημίου Ἀθηνῶν ἡ αὔξησις τῶν τελῶν ἐγγραφῆς διὰ τὸ νέον ἀκαδημαϊκὸν ἔτος.

Ἀποφασίσθη ὑπὸ τῆς Συγκλήτου τοῦ Πανεπιστημίου Ἀθηνῶν ἡ αὔξησις τῶν τελῶν ἐγγραφῆς διὰ τὸ νέον ἀκαδημαϊκὸν ἔτος.

Η ΕΠΙΣΚΕΨΙΣ ΤΟΥ ΗΛΕΚΤΡΙΚΟΥ ΕΡΓΟΣΤΑΣΙΟΥ

Ἀντιπροσωπεία ὁμάδος ἐμπειρογνωμόνων ἐπεσκέφθη χθὲς τὸ ἠλεκτρικὸν ἐργοστάσιον τοῦ Πειραιῶς πρὸς μελέτην τῆς ἐπεκτάσεως τῶν ἐγκαταστάσεων.

Ἀντιπροσωπεία ὁμάδος ἐμπειρογνωμόνων ἐπεσκέφθη χθὲς τὸ ἠλεκτρικὸν ἐργοστάσιον τοῦ Πειραιῶς πρὸς μελέτην τῆς ἐπεκτάσεως τῶν ἐγκαταστάσεων.

Ἀντιπροσωπεία ὁμάδος ἐμπειρογνωμόνων ἐπεσκέφθη χθὲς τὸ ἠλεκτρικὸν ἐργοστάσιον τοῦ Πειραιῶς πρὸς μελέτην τῆς ἐπεκτάσεως τῶν ἐγκαταστάσεων.

Ἀντιπροσωπεία ὁμάδος ἐμπειρογνωμόνων ἐπεσκέφθη χθὲς τὸ ἠλεκτρικὸν ἐργοστάσιον τοῦ Πειραιῶς πρὸς μελέτην τῆς ἐπεκτάσεως τῶν ἐγκαταστάσεων.

ΣΗΜΕΡΟΝ Η ΔΙΚΗ ΤΩΝ ΕΠΑΓΓΥΡΝΗΤΩΝ

Σήμερον ἐνώπιον τοῦ ἐκτάκτου στρατοδικείου ἀρχίζει ἡ δίκη τῶν κατηγορουμένων διὰ συμμετοχὴν εἰς συμμοριτικὰς ὀργανώσεις. Οἱ κατηγορούμενοι εἶναι: Α. Παπαδόπουλος, Β. Νικολάου, Γ. Δημητρίου, Δ. Κωνσταντίνου καὶ ἄλλοι.

Σήμερον ἐνώπιον τοῦ ἐκτάκτου στρατοδικείου ἀρχίζει ἡ δίκη τῶν κατηγορουμένων διὰ συμμετοχὴν εἰς συμμοριτικὰς ὀργανώσεις. Οἱ κατηγορούμενοι εἶναι: Α. Παπαδόπουλος, Β. Νικολάου, Γ. Δημητρίου, Δ. Κωνσταντίνου καὶ ἄλλοι.

ΔΙΕΝΗΡΓΟΥΝ ΕΡΑΝΟΥΣ ΥΠΕΡ ΤΩΝ ΣΥΜΜΟΡΙΤΩΝ

Ἡ Ἀσφάλεια Πειραιῶς συνέλαβε χθὲς τρία ἄτομα τὰ ὁποῖα διενήργουν ἐράνους ὑπὲρ τῶν συμμοριτῶν.

ΜΙΚΡΑΙ ΕΙΔΗΣΕΙΣ

— Ὁ κ. Κανελλόπουλος ἐπανῆλθε χθὲς ἐκ Θεσσαλονίκης. — Ἡ Ἀγροτικὴ Τράπεζα ἀνακοινοῖ τὴν χορήγησιν δανείων εἰς τοὺς παραγωγούς.

— Ὁ κ. Κανελλόπουλος ἐπανῆλθε χθὲς ἐκ Θεσσαλονίκης. — Ἡ Ἀγροτικὴ Τράπεζα ἀνακοινοῖ τὴν χορήγησιν δανείων εἰς τοὺς παραγωγούς.
